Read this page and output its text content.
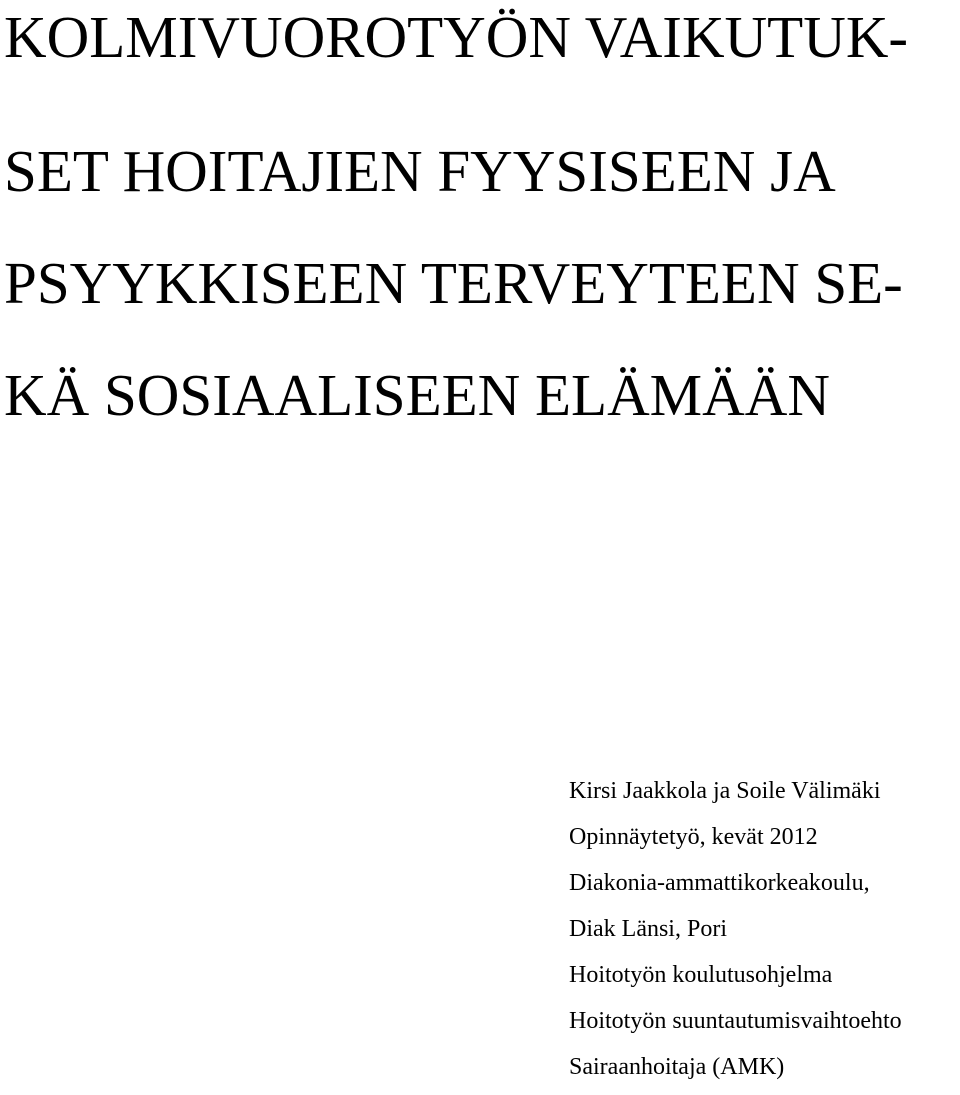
KOLMIVUOROTYÖN VAIKUTUK-
SET HOITAJIEN FYYSISEEN JA
PSYYKKISEEN TERVEYTEEN SE-
KÄ SOSIAALISEEN ELÄMÄÄN
Kirsi Jaakkola ja Soile Välimäki
Opinnäytetyö, kevät 2012
Diakonia-ammattikorkeakoulu,
Diak Länsi, Pori
Hoitotyön koulutusohjelma
Hoitotyön suuntautumisvaihtoehto
Sairaanhoitaja (AMK)
